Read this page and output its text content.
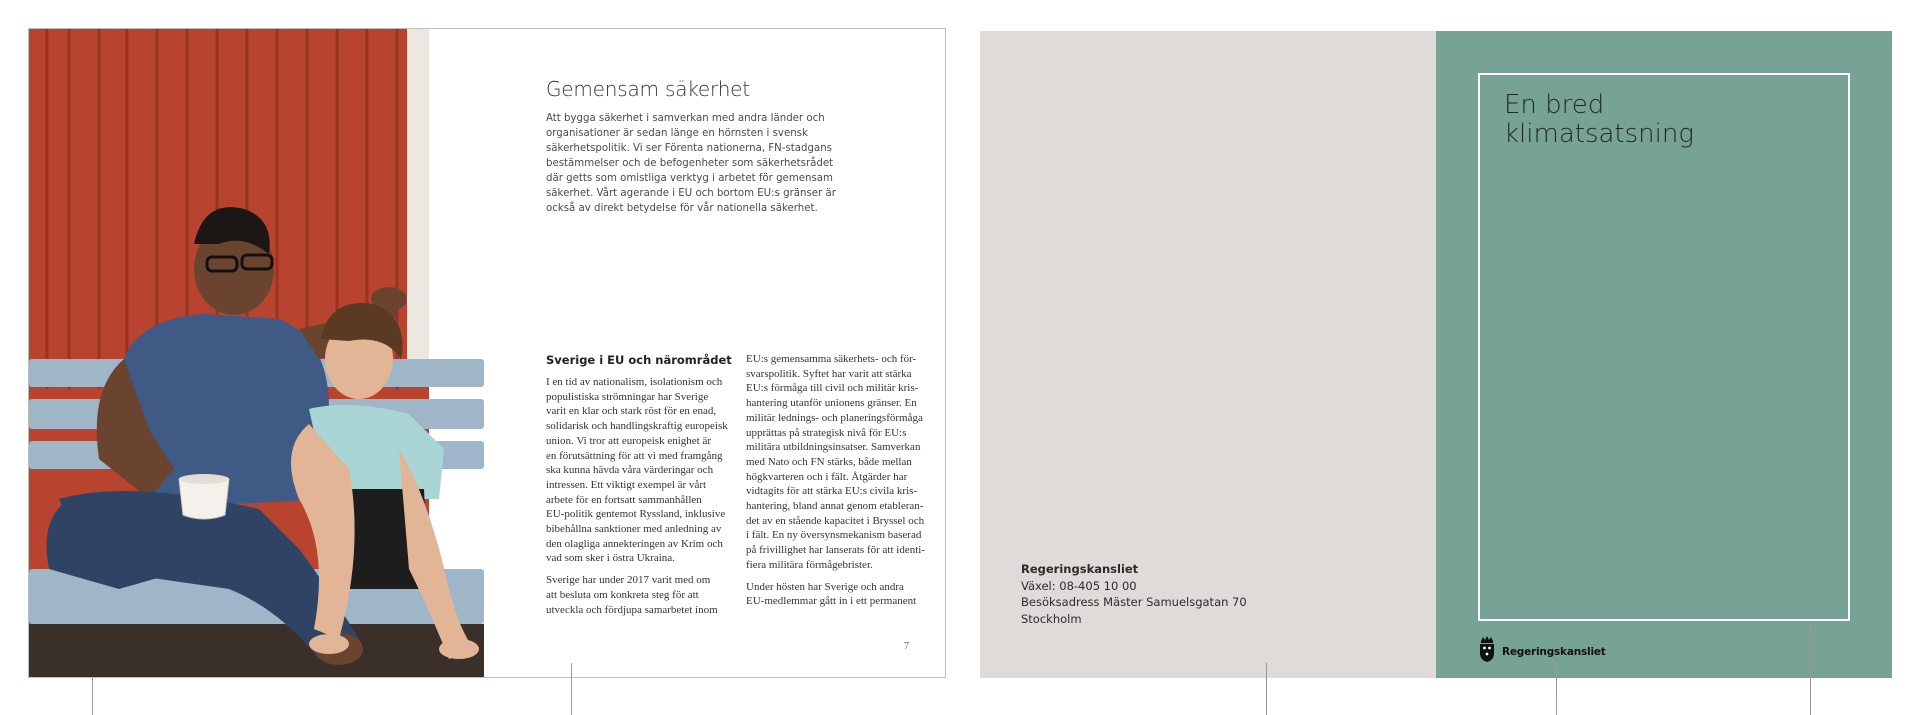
Gemensam säkerhet
Att bygga säkerhet i samverkan med andra länder och
organisationer är sedan länge en hörnsten i svensk
säkerhetspolitik. Vi ser Förenta nationerna, FN-stadgans
bestämmelser och de befogenheter som säkerhetsrådet
där getts som omistliga verktyg i arbetet för gemensam
säkerhet. Vårt agerande i EU och bortom EU:s gränser är
också av direkt betydelse för vår nationella säkerhet.
Sverige i EU och närområdet

I en tid av nationalism, isolationism och
populistiska strömningar har Sverige
varit en klar och stark röst för en enad,
solidarisk och handlingskraftig europeisk
union. Vi tror att europeisk enighet är
en förutsättning för att vi med framgång
ska kunna hävda våra värderingar och
intressen. Ett viktigt exempel är vårt
arbete för en fortsatt sammanhållen
EU-politik gentemot Ryssland, inklusive
bibehållna sanktioner med anledning av
den olagliga annekteringen av Krim och
vad som sker i östra Ukraina.

Sverige har under 2017 varit med om
att besluta om konkreta steg för att
utveckla och fördjupa samarbetet inom

EU:s gemensamma säkerhets- och för-
svarspolitik. Syftet har varit att stärka
EU:s förmåga till civil och militär kris-
hantering utanför unionens gränser. En
militär lednings- och planeringsförmåga
upprättas på strategisk nivå för EU:s
militära utbildningsinsatser. Samverkan
med Nato och FN stärks, både mellan
högkvarteren och i fält. Åtgärder har
vidtagits för att stärka EU:s civila kris-
hantering, bland annat genom etableran-
det av en stående kapacitet i Bryssel och
i fält. En ny översynsmekanism baserad
på frivillighet har lanserats för att identi-
fiera militära förmågebrister.

Under hösten har Sverige och andra
EU-medlemmar gått in i ett permanent

7
Regeringskansliet
Växel: 08-405 10 00
Besöksadress Mäster Samuelsgatan 70
Stockholm
En bred
klimatsatsning
Regeringskansliet
